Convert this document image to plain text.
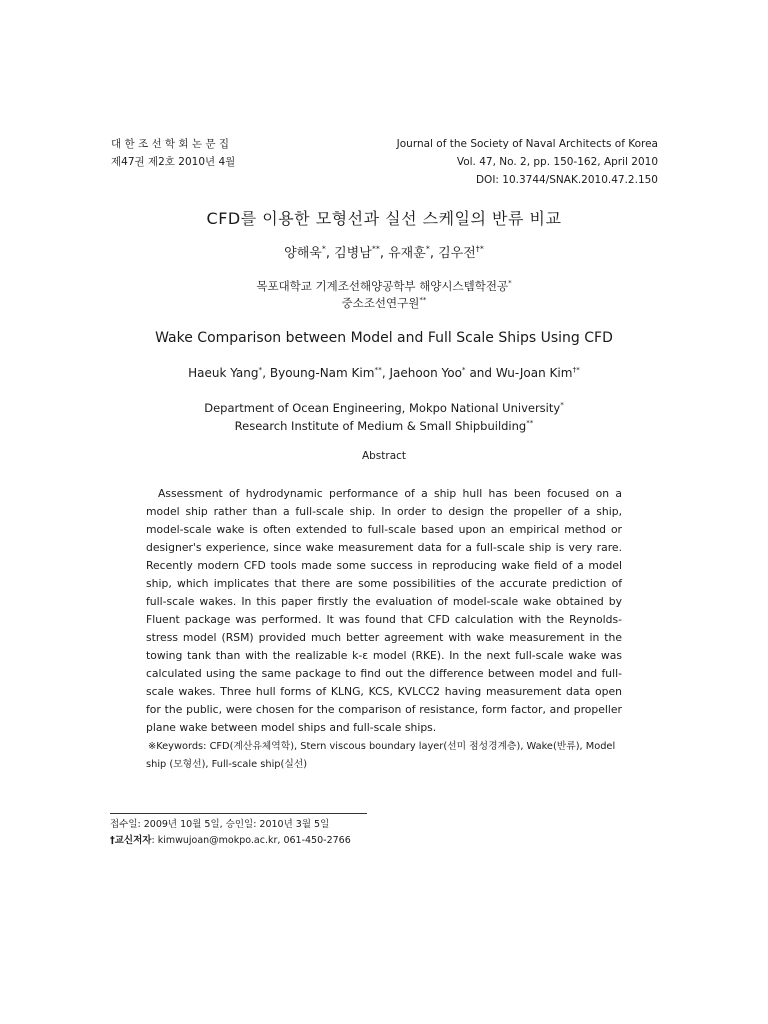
대 한 조 선 학 회 논 문 집
제47권 제2호 2010년 4월
Journal of the Society of Naval Architects of Korea
Vol. 47, No. 2, pp. 150-162, April 2010
DOI: 10.3744/SNAK.2010.47.2.150
CFD를 이용한 모형선과 실선 스케일의 반류 비교
양해욱*, 김병남**, 유재훈*, 김우전†*
목포대학교 기계조선해양공학부 해양시스템학전공*
중소조선연구원**
Wake Comparison between Model and Full Scale Ships Using CFD
Haeuk Yang*, Byoung-Nam Kim**, Jaehoon Yoo* and Wu-Joan Kim†*
Department of Ocean Engineering, Mokpo National University*
Research Institute of Medium & Small Shipbuilding**
Abstract
Assessment of hydrodynamic performance of a ship hull has been focused on a model ship rather than a full-scale ship. In order to design the propeller of a ship, model-scale wake is often extended to full-scale based upon an empirical method or designer's experience, since wake measurement data for a full-scale ship is very rare. Recently modern CFD tools made some success in reproducing wake field of a model ship, which implicates that there are some possibilities of the accurate prediction of full-scale wakes. In this paper firstly the evaluation of model-scale wake obtained by Fluent package was performed. It was found that CFD calculation with the Reynolds-stress model (RSM) provided much better agreement with wake measurement in the towing tank than with the realizable k-ε model (RKE). In the next full-scale wake was calculated using the same package to find out the difference between model and full-scale wakes. Three hull forms of KLNG, KCS, KVLCC2 having measurement data open for the public, were chosen for the comparison of resistance, form factor, and propeller plane wake between model ships and full-scale ships.
※Keywords: CFD(계산유체역학), Stern viscous boundary layer(선미 점성경계층), Wake(반류), Model ship (모형선), Full-scale ship(실선)
접수일: 2009년 10월 5일, 승인일: 2010년 3월 5일
†교신저자: kimwujoan@mokpo.ac.kr, 061-450-2766
